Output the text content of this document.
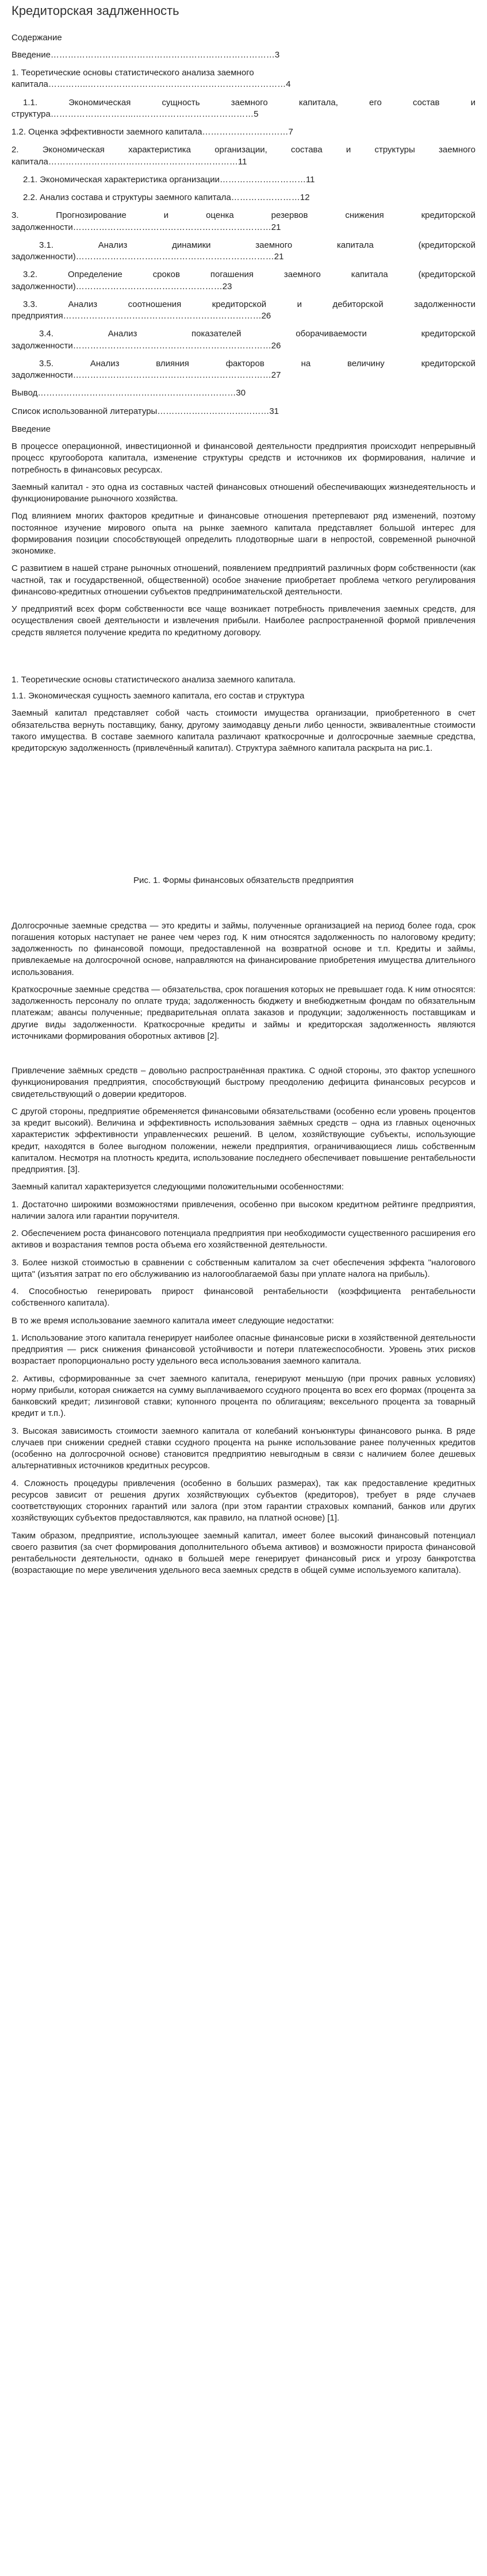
Кредиторская задлженность

Содержание

Введение……………………………………………………………………3

1. Теоретические основы статистического анализа заемного капитала…………..……………………………………………………………4

1.1. Экономическая сущность заемного капитала, его состав и структура………………………..……………………………………5

1.2. Оценка эффективности заемного капитала…………………………7

2. Экономическая характеристика организации, состава и структуры заемного капитала…………………………………………………………11

2.1. Экономическая характеристика организации…………………………11

2.2. Анализ состава и структуры заемного капитала……………………12

3. Прогнозирование и оценка резервов снижения кредиторской задолженности……………………………………………………………21

3.1. Анализ динамики заемного капитала (кредиторской задолженности)……………………………………………………………21

3.2. Определение сроков погашения заемного капитала (кредиторской задолженности)……………………………………………23

3.3. Анализ соотношения кредиторской и дебиторской задолженности предприятия……………………………………………………………26

3.4. Анализ показателей оборачиваемости кредиторской задолженности……………………………………………………………26

3.5. Анализ влияния факторов на величину кредиторской задолженности……………………………………………………………27

Вывод……………………………………………………………30

Список использованной литературы…………………………………31

Введение

В процессе операционной, инвестиционной и финансовой деятельности предприятия происходит непрерывный процесс кругооборота капитала, изменение структуры средств и источников их формирования, наличие и потребность в финансовых ресурсах.

Заемный капитал - это одна из составных частей финансовых отношений обеспечивающих жизнедеятельность и функционирование рыночного хозяйства.

Под влиянием многих факторов кредитные и финансовые отношения претерпевают ряд изменений, поэтому постоянное изучение мирового опыта на рынке заемного капитала представляет большой интерес для формирования позиции способствующей определить плодотворные шаги в непростой, современной рыночной экономике.

С развитием в нашей стране рыночных отношений, появлением предприятий различных форм собственности (как частной, так и государственной, общественной) особое значение приобретает проблема четкого регулирования финансово-кредитных отношении субъектов предпринимательской деятельности.

У предприятий всех форм собственности все чаще возникает потребность привлечения заемных средств, для осуществления своей деятельности и извлечения прибыли. Наиболее распространенной формой привлечения средств является получение кредита по кредитному договору.

1. Теоретические основы статистического анализа заемного капитала.

1.1. Экономическая сущность заемного капитала, его состав и структура

Заемный капитал представляет собой часть стоимости имущества организации, приобретенного в счет обязательства вернуть поставщику, банку, другому заимодавцу деньги либо ценности, эквивалентные стоимости такого имущества. В составе заемного капитала различают краткосрочные и долгосрочные заемные средства, кредиторскую задолженность (привлечённый капитал). Структура заёмного капитала раскрыта на рис.1.

Рис. 1. Формы финансовых обязательств предприятия

Долгосрочные заемные средства — это кредиты и займы, полученные организацией на период более года, срок погашения которых наступает не ранее чем через год. К ним относятся задолженность по налоговому кредиту; задолженность по финансовой помощи, предоставленной на возвратной основе и т.п. Кредиты и займы, привлекаемые на долгосрочной основе, направляются на финансирование приобретения имущества длительного использования.

Краткосрочные заемные средства — обязательства, срок погашения которых не превышает года. К ним относятся: задолженность персоналу по оплате труда; задолженность бюджету и внебюджетным фондам по обязательным платежам; авансы полученные; предварительная оплата заказов и продукции; задолженность поставщикам и другие виды задолженности. Краткосрочные кредиты и займы и кредиторская задолженность являются источниками формирования оборотных активов [2].

Привлечение заёмных средств – довольно распространённая практика. С одной стороны, это фактор успешного функционирования предприятия, способствующий быстрому преодолению дефицита финансовых ресурсов и свидетельствующий о доверии кредиторов.

С другой стороны, предприятие обременяется финансовыми обязательствами (особенно если уровень процентов за кредит высокий). Величина и эффективность использования заёмных средств – одна из главных оценочных характеристик эффективности управленческих решений. В целом, хозяйствующие субъекты, использующие кредит, находятся в более выгодном положении, нежели предприятия, ограничивающиеся лишь собственным капиталом. Несмотря на плотность кредита, использование последнего обеспечивает повышение рентабельности предприятия. [3].

Заемный капитал характеризуется следующими положительными особенностями:

1. Достаточно широкими возможностями привлечения, особенно при высоком кредитном рейтинге предприятия, наличии залога или гарантии поручителя.

2. Обеспечением роста финансового потенциала предприятия при необходимости существенного расширения его активов и возрастания темпов роста объема его хозяйственной деятельности.

3. Более низкой стоимостью в сравнении с собственным капиталом за счет обеспечения эффекта "налогового щита" (изъятия затрат по его обслуживанию из налогооблагаемой базы при уплате налога на прибыль).

4. Способностью генерировать прирост финансовой рентабельности (коэффициента рентабельности собственного капитала).

В то же время использование заемного капитала имеет следующие недостатки:

1. Использование этого капитала генерирует наиболее опасные финансовые риски в хозяйственной деятельности предприятия — риск снижения финансовой устойчивости и потери платежеспособности. Уровень этих рисков возрастает пропорционально росту удельного веса использования заемного капитала.

2. Активы, сформированные за счет заемного капитала, генерируют меньшую (при прочих равных условиях) норму прибыли, которая снижается на сумму выплачиваемого ссудного процента во всех его формах (процента за банковский кредит; лизинговой ставки; купонного процента по облигациям; вексельного процента за товарный кредит и т.п.).

3. Высокая зависимость стоимости заемного капитала от колебаний конъюнктуры финансового рынка. В ряде случаев при снижении средней ставки ссудного процента на рынке использование ранее полученных кредитов (особенно на долгосрочной основе) становится предприятию невыгодным в связи с наличием более дешевых альтернативных источников кредитных ресурсов.

4. Сложность процедуры привлечения (особенно в больших размерах), так как предоставление кредитных ресурсов зависит от решения других хозяйствующих субъектов (кредиторов), требует в ряде случаев соответствующих сторонних гарантий или залога (при этом гарантии страховых компаний, банков или других хозяйствующих субъектов предоставляются, как правило, на платной основе) [1].

Таким образом, предприятие, использующее заемный капитал, имеет более высокий финансовый потенциал своего развития (за счет формирования дополнительного объема активов) и возможности прироста финансовой рентабельности деятельности, однако в большей мере генерирует финансовый риск и угрозу банкротства (возрастающие по мере увеличения удельного веса заемных средств в общей сумме используемого капитала).
